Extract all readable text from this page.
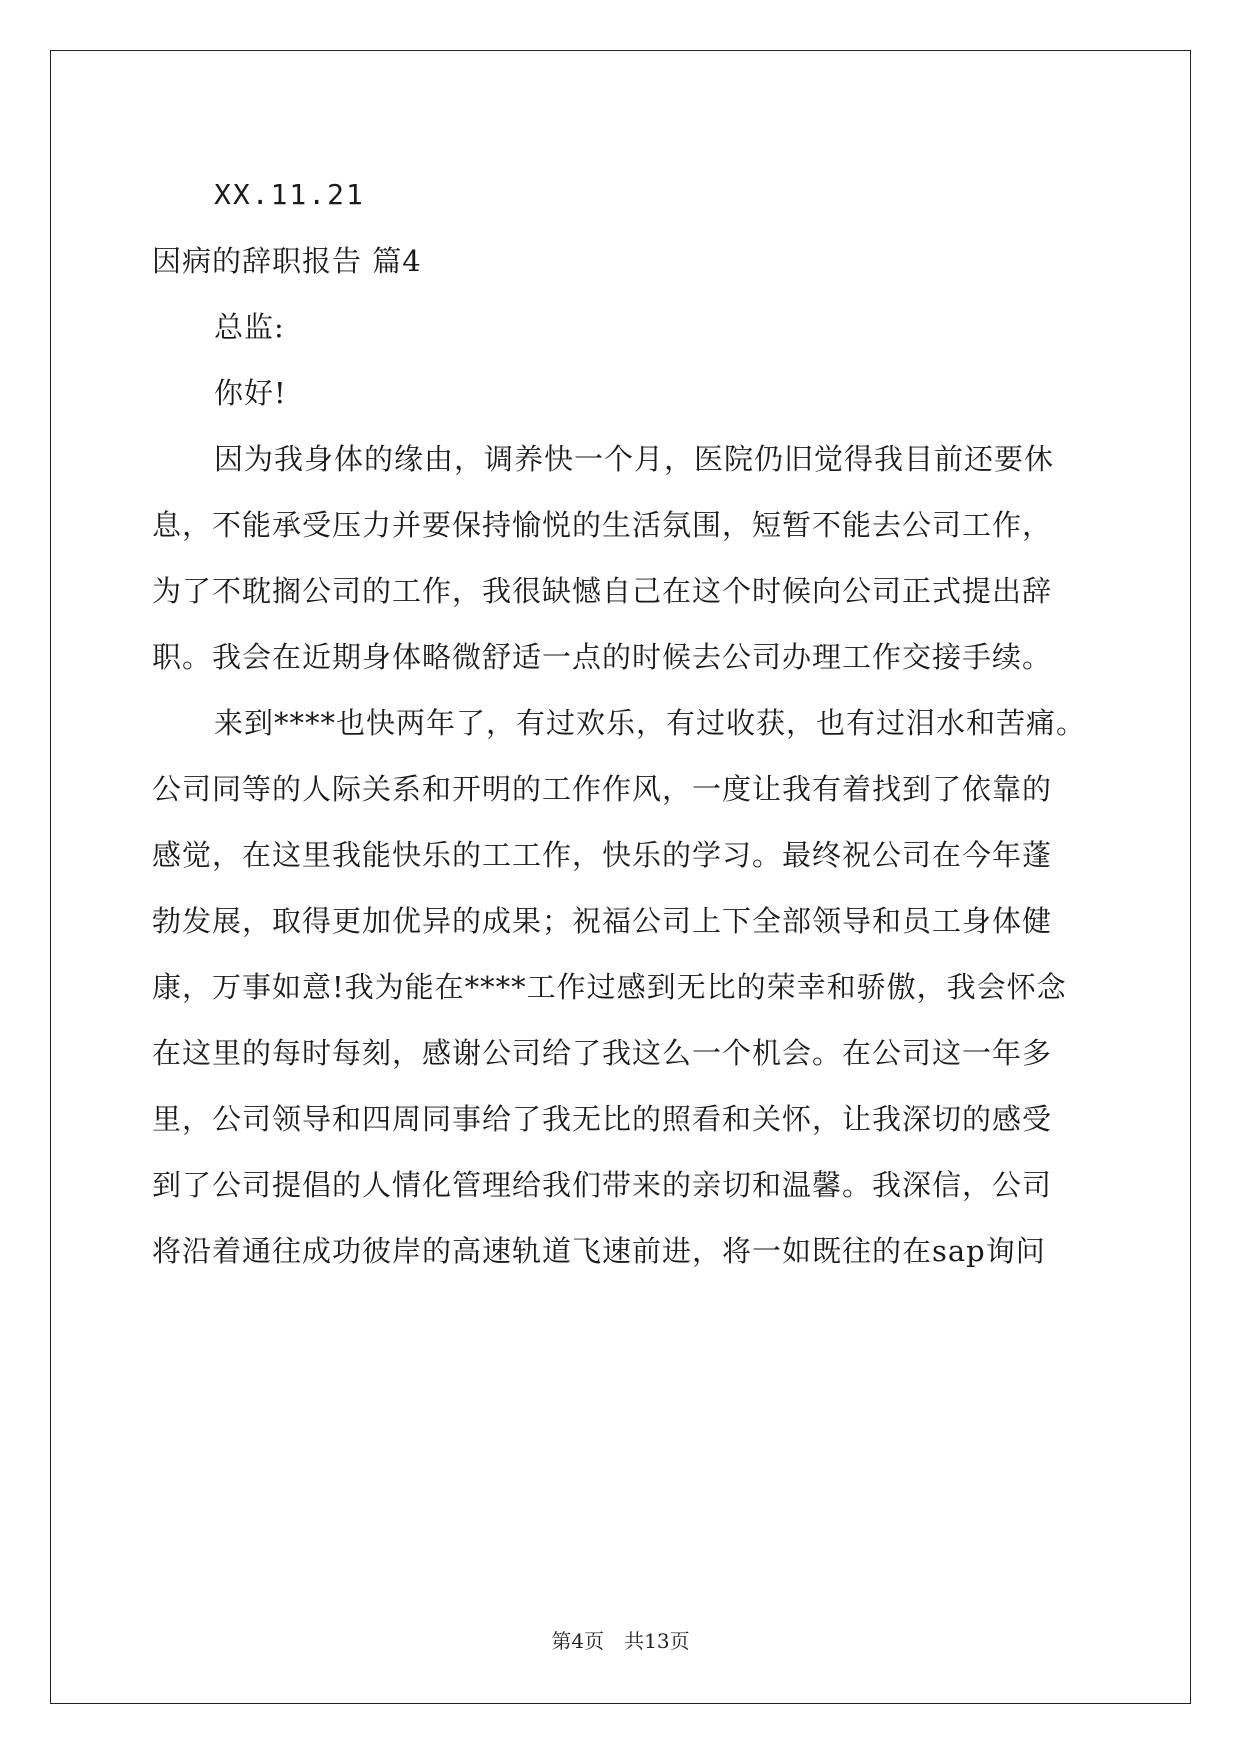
XX.11.21
因病的辞职报告 篇4
总监:
你好!
因为我身体的缘由，调养快一个月，医院仍旧觉得我目前还要休
息，不能承受压力并要保持愉悦的生活氛围，短暂不能去公司工作，
为了不耽搁公司的工作，我很缺憾自己在这个时候向公司正式提出辞
职。我会在近期身体略微舒适一点的时候去公司办理工作交接手续。
来到****也快两年了，有过欢乐，有过收获，也有过泪水和苦痛。
公司同等的人际关系和开明的工作作风，一度让我有着找到了依靠的
感觉，在这里我能快乐的工工作，快乐的学习。最终祝公司在今年蓬
勃发展，取得更加优异的成果；祝福公司上下全部领导和员工身体健
康，万事如意!我为能在****工作过感到无比的荣幸和骄傲，我会怀念
在这里的每时每刻，感谢公司给了我这么一个机会。在公司这一年多
里，公司领导和四周同事给了我无比的照看和关怀，让我深切的感受
到了公司提倡的人情化管理给我们带来的亲切和温馨。我深信，公司
将沿着通往成功彼岸的高速轨道飞速前进，将一如既往的在sap询问
第4页　共13页
